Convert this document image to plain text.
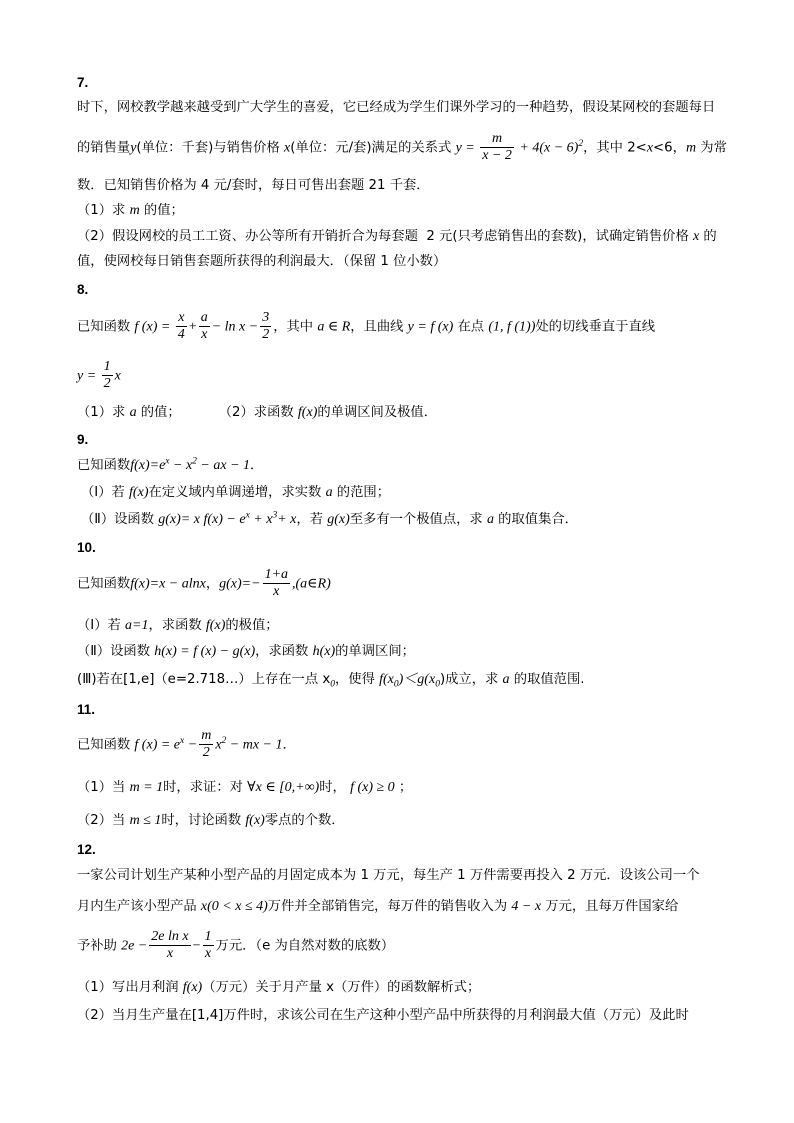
7.
时下，网校教学越来越受到广大学生的喜爱，它已经成为学生们课外学习的一种趋势，假设某网校的套题每日
的销售量y(单位：千套)与销售价格 x(单位：元/套)满足的关系式 $y = \frac{m}{x - 2} + 4(x - 6)^2$，其中 2<x<6，m 为常
数．已知销售价格为 4 元/套时，每日可售出套题 21 千套．
（1）求 m 的值；
（2）假设网校的员工工资、办公等所有开销折合为每套题  2 元(只考虑销售出的套数)，试确定销售价格 x 的
值，使网校每日销售套题所获得的利润最大．（保留 1 位小数）
8.
已知函数 f $(x) = \frac{x}{4} + \frac{a}{x} - \ln x - \frac{3}{2}$ ，其中 a ∈ R，且曲线 y = f (x) 在点 (1, f (1))处的切线垂直于直线
$y = \frac{1}{2}$ x
（1）求 a 的值；         （2）求函数 f(x)的单调区间及极值．
9.
已知函数$f(x)=e^x - x^2$ − ax − 1．
（Ⅰ）若 f(x)在定义域内单调递增，求实数 a 的范围；
（Ⅱ）设函数 g(x)= x $f(x) - e^x + x^3+ x$，若 g(x)至多有一个极值点，求 a 的取值集合．
10.
已知函数f(x)=x − alnx，$g(x)=- \frac{1+a}{x}$ ,(a∈R)
（Ⅰ）若 a=1，求函数 f(x)的极值；
（Ⅱ）设函数 h(x) = f (x) − g(x)，求函数 h(x)的单调区间；
(Ⅲ)若在[1,e]（e=2.718…）上存在一点 $x_0$，使得 $f(x_0)<g(x_0)$成立，求 a 的取值范围.
11.
已知函数 f $(x) = e^x - \frac{m}{2} x^2$ − mx − 1．
（1）当 m = 1时，求证：对 ∀x ∈ [0,+∞)时， f (x) ≥ 0 ；
（2）当 m ≤ 1时，讨论函数 f(x)零点的个数．
12.
一家公司计划生产某种小型产品的月固定成本为 1 万元，每生产 1 万件需要再投入 2 万元．设该公司一个
月内生产该小型产品 x(0 < x ≤ 4)万件并全部销售完，每万件的销售收入为 4 − x 万元，且每万件国家给
予补助 $2e - \frac{\text{2e ln x}}{x} - \frac{1}{x}$ 万元．（e 为自然对数的底数）
（1）写出月利润 f(x)（万元）关于月产量 x（万件）的函数解析式；
（2）当月生产量在[1,4]万件时，求该公司在生产这种小型产品中所获得的月利润最大值（万元）及此时
